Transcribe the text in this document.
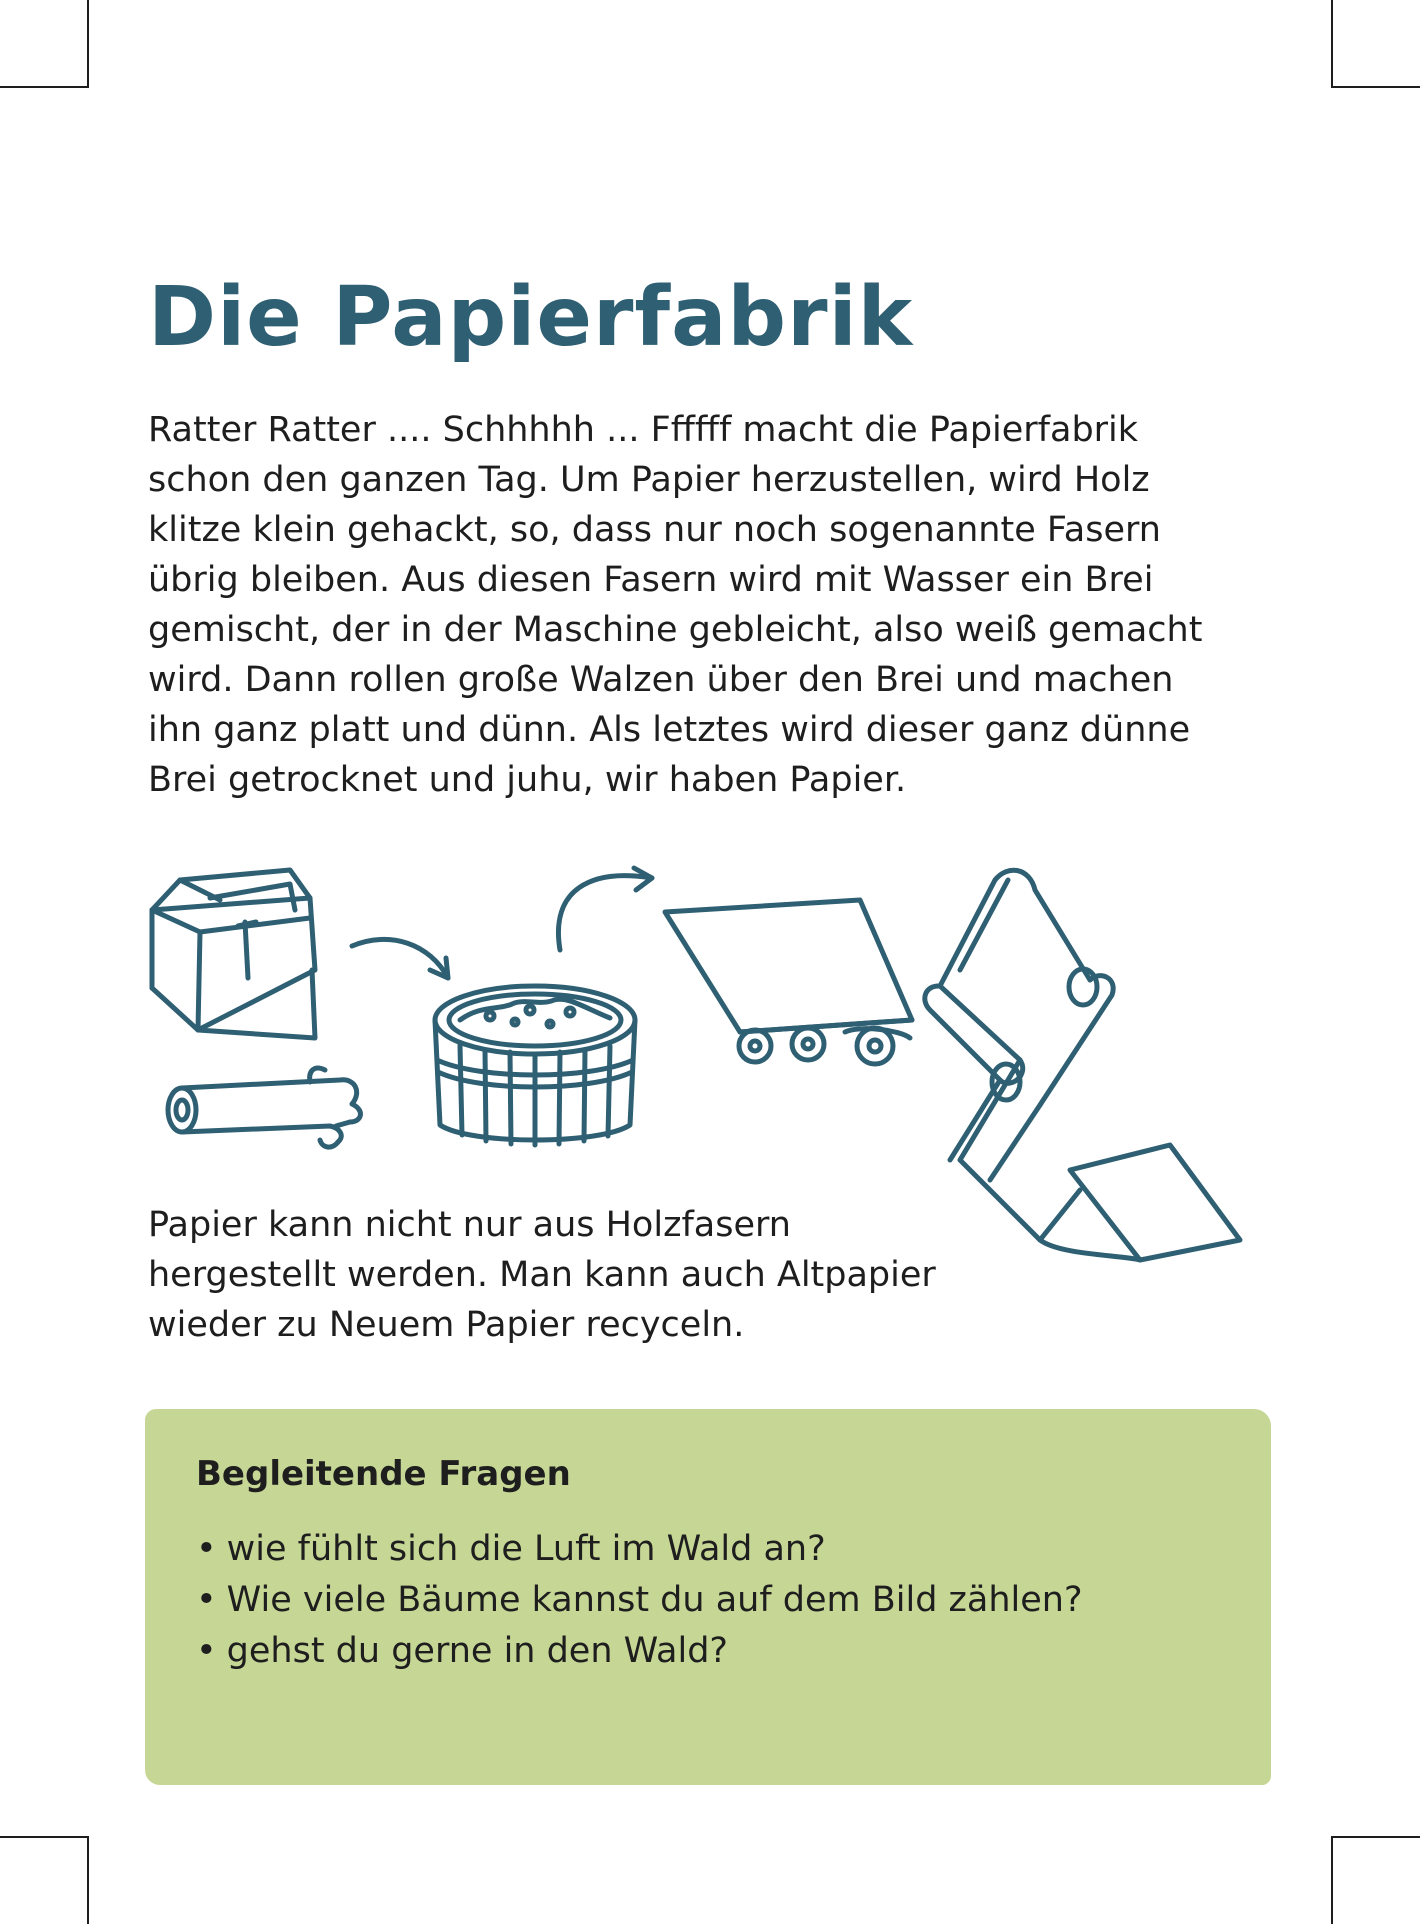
Die Papierfabrik

Ratter Ratter .... Schhhhh ... Ffffff macht die Papierfabrik
schon den ganzen Tag. Um Papier herzustellen, wird Holz
klitze klein gehackt, so, dass nur noch sogenannte Fasern
übrig bleiben. Aus diesen Fasern wird mit Wasser ein Brei
gemischt, der in der Maschine gebleicht, also weiß gemacht
wird. Dann rollen große Walzen über den Brei und machen
ihn ganz platt und dünn. Als letztes wird dieser ganz dünne
Brei getrocknet und juhu, wir haben Papier.

Papier kann nicht nur aus Holzfasern
hergestellt werden. Man kann auch Altpapier
wieder zu Neuem Papier recyceln.

Begleitende Fragen
• wie fühlt sich die Luft im Wald an?
• Wie viele Bäume kannst du auf dem Bild zählen?
• gehst du gerne in den Wald?
